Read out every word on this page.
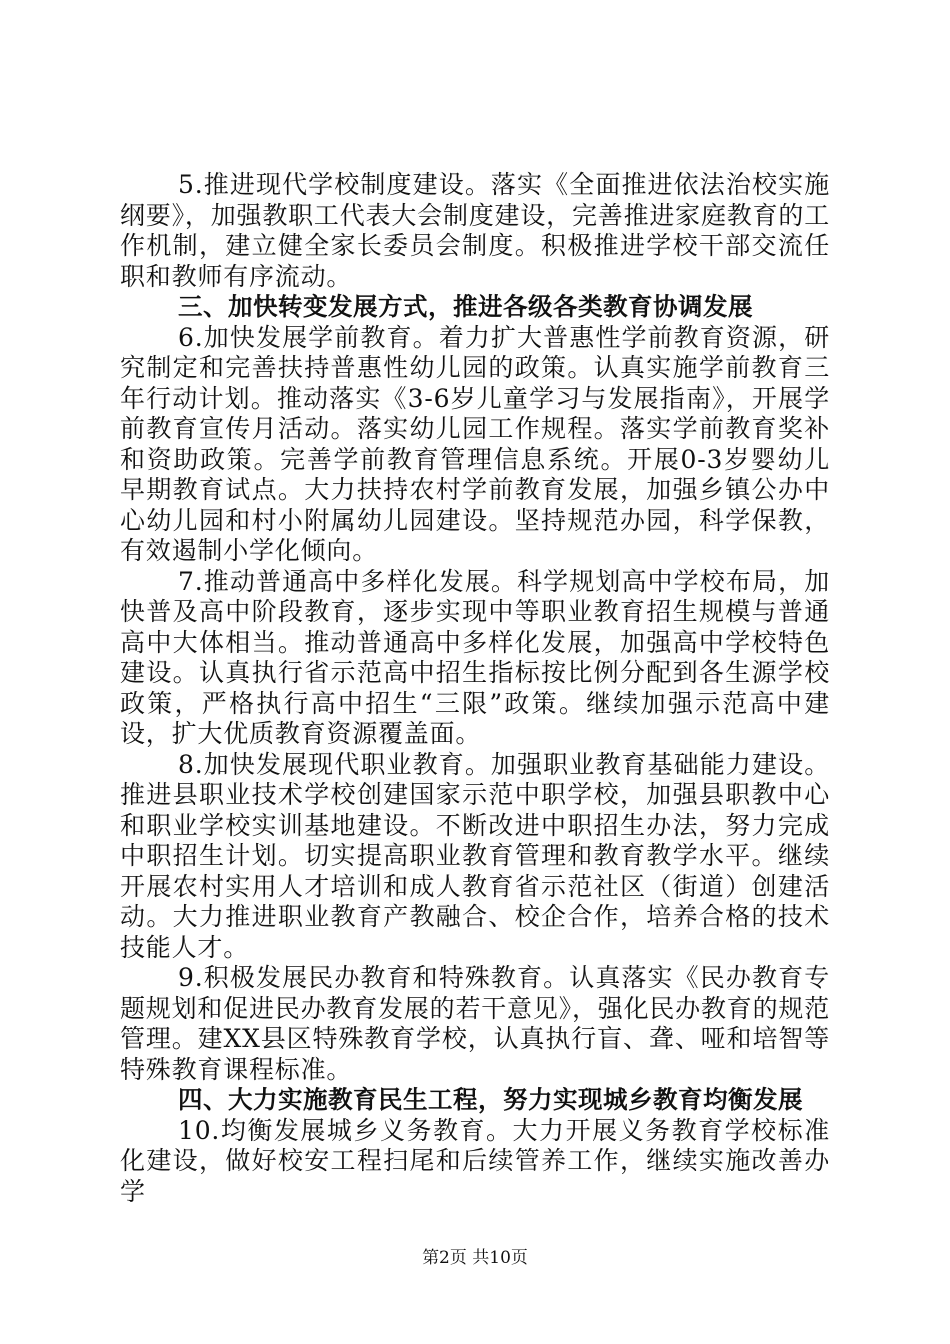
5.推进现代学校制度建设。落实《全面推进依法治校实施纲要》，加强教职工代表大会制度建设，完善推进家庭教育的工作机制，建立健全家长委员会制度。积极推进学校干部交流任职和教师有序流动。

三、加快转变发展方式，推进各级各类教育协调发展

6.加快发展学前教育。着力扩大普惠性学前教育资源，研究制定和完善扶持普惠性幼儿园的政策。认真实施学前教育三年行动计划。推动落实《3-6岁儿童学习与发展指南》，开展学前教育宣传月活动。落实幼儿园工作规程。落实学前教育奖补和资助政策。完善学前教育管理信息系统。开展0-3岁婴幼儿早期教育试点。大力扶持农村学前教育发展，加强乡镇公办中心幼儿园和村小附属幼儿园建设。坚持规范办园，科学保教，有效遏制小学化倾向。

7.推动普通高中多样化发展。科学规划高中学校布局，加快普及高中阶段教育，逐步实现中等职业教育招生规模与普通高中大体相当。推动普通高中多样化发展，加强高中学校特色建设。认真执行省示范高中招生指标按比例分配到各生源学校政策，严格执行高中招生“三限”政策。继续加强示范高中建设，扩大优质教育资源覆盖面。

8.加快发展现代职业教育。加强职业教育基础能力建设。推进县职业技术学校创建国家示范中职学校，加强县职教中心和职业学校实训基地建设。不断改进中职招生办法，努力完成中职招生计划。切实提高职业教育管理和教育教学水平。继续开展农村实用人才培训和成人教育省示范社区（街道）创建活动。大力推进职业教育产教融合、校企合作，培养合格的技术技能人才。

9.积极发展民办教育和特殊教育。认真落实《民办教育专题规划和促进民办教育发展的若干意见》，强化民办教育的规范管理。建XX县区特殊教育学校，认真执行盲、聋、哑和培智等特殊教育课程标准。

四、大力实施教育民生工程，努力实现城乡教育均衡发展

10.均衡发展城乡义务教育。大力开展义务教育学校标准化建设，做好校安工程扫尾和后续管养工作，继续实施改善办学

第2页 共10页
